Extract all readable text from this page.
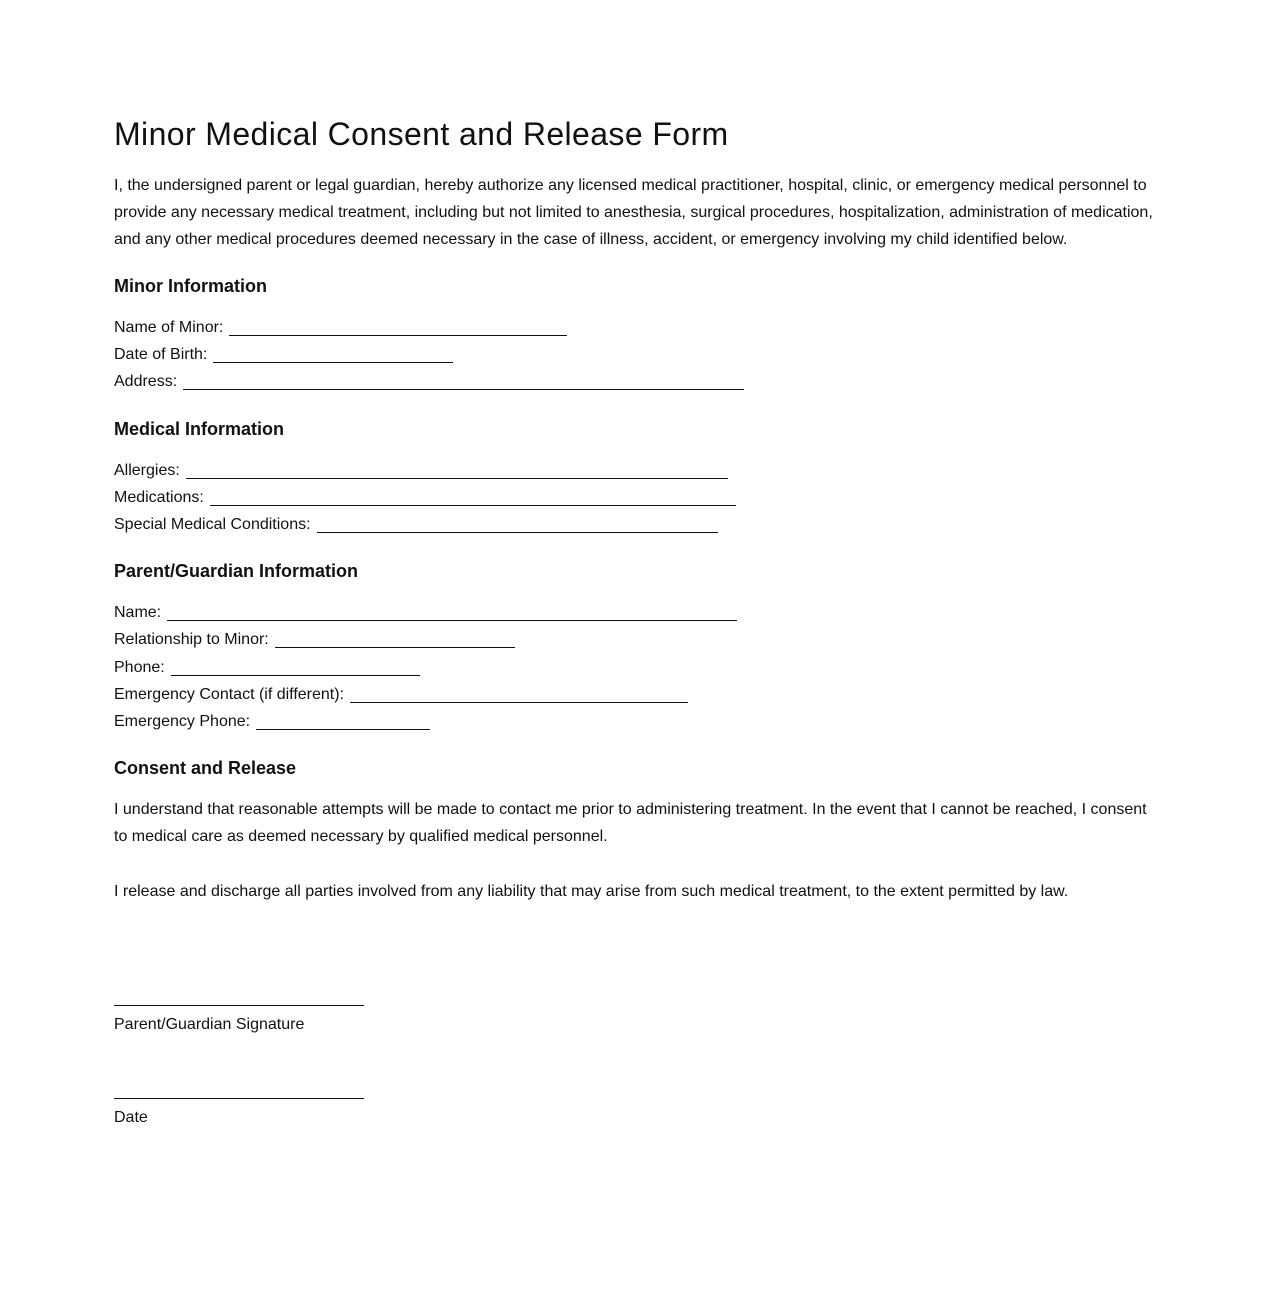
Minor Medical Consent and Release Form

I, the undersigned parent or legal guardian, hereby authorize any licensed medical practitioner, hospital, clinic, or emergency medical personnel to provide any necessary medical treatment, including but not limited to anesthesia, surgical procedures, hospitalization, administration of medication, and any other medical procedures deemed necessary in the case of illness, accident, or emergency involving my child identified below.

Minor Information
Name of Minor:
Date of Birth:
Address:
Medical Information
Allergies:
Medications:
Special Medical Conditions:
Parent/Guardian Information
Name:
Relationship to Minor:
Phone:
Emergency Contact (if different):
Emergency Phone:
Consent and Release

I understand that reasonable attempts will be made to contact me prior to administering treatment. In the event that I cannot be reached, I consent to medical care as deemed necessary by qualified medical personnel.

I release and discharge all parties involved from any liability that may arise from such medical treatment, to the extent permitted by law.

Parent/Guardian Signature
Date
